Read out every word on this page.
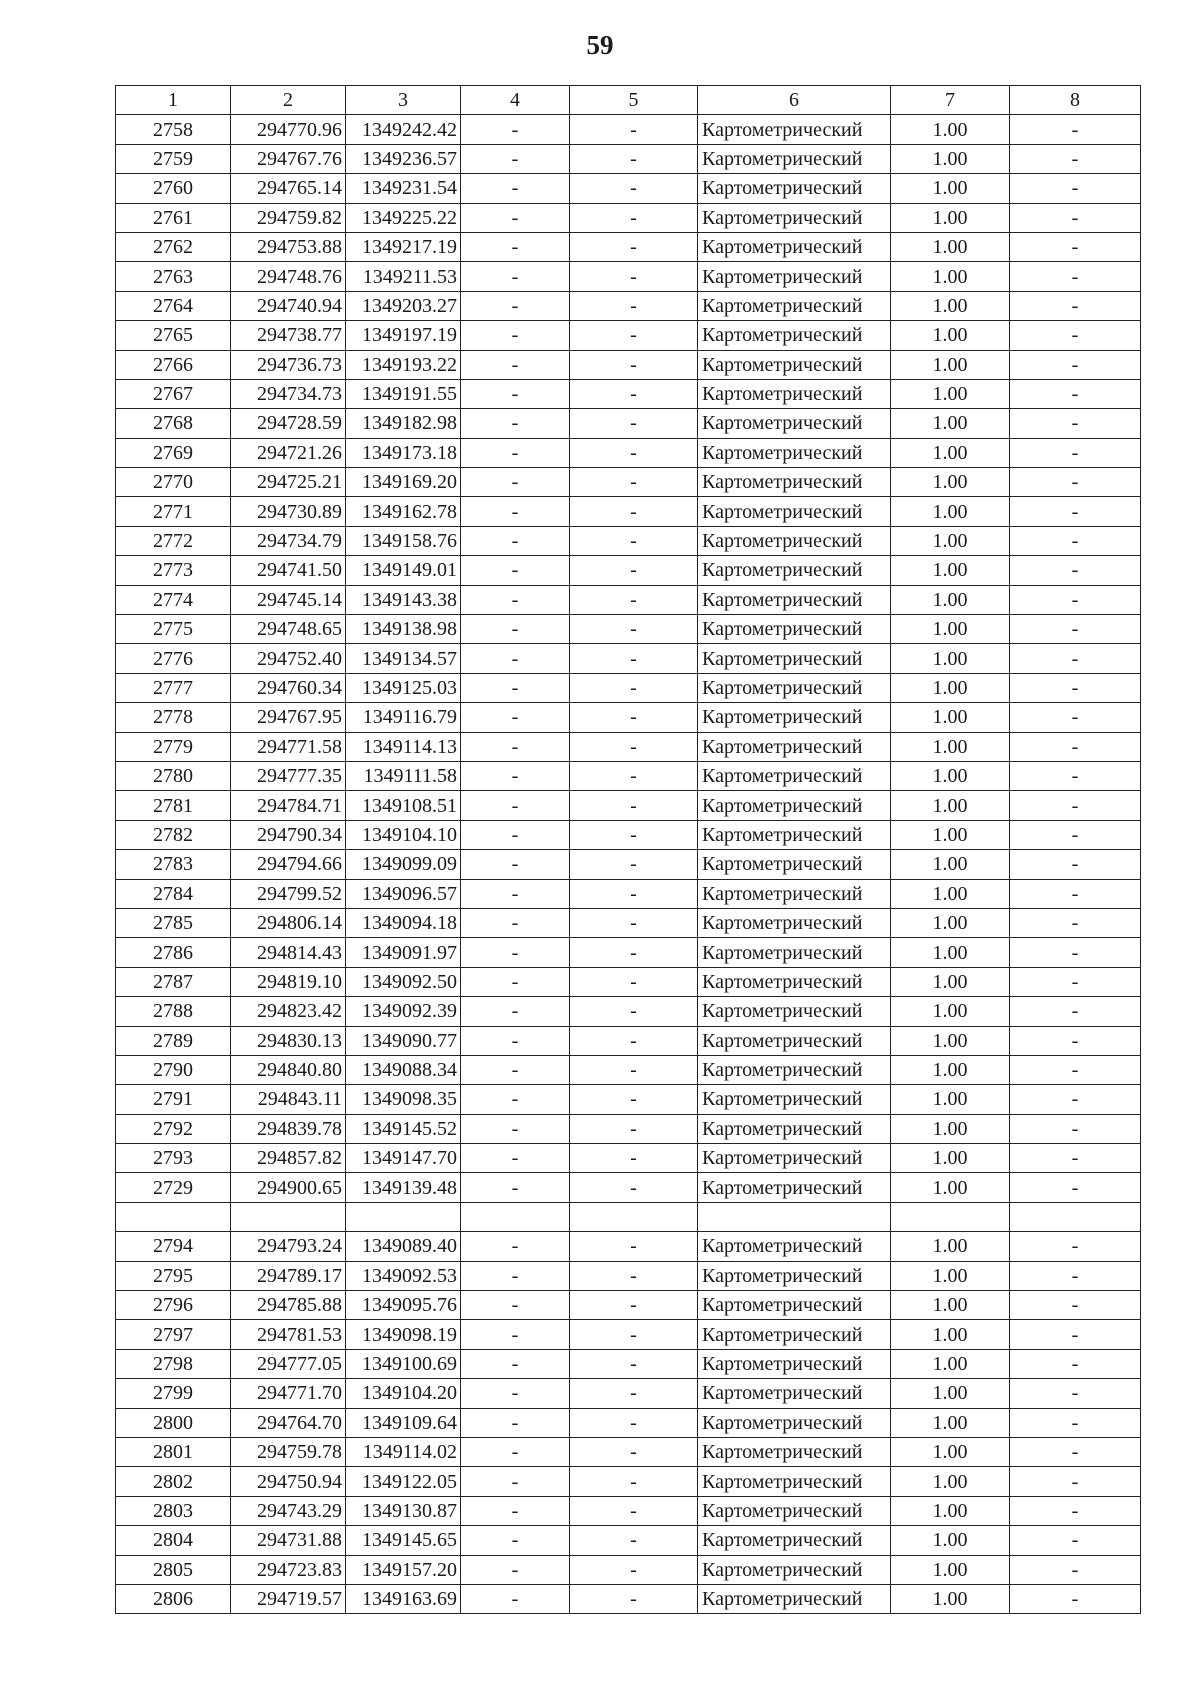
59
1	2	3	4	5	6	7	8
2758	294770.96	1349242.42	-	-	Картометрический	1.00	-
2759	294767.76	1349236.57	-	-	Картометрический	1.00	-
2760	294765.14	1349231.54	-	-	Картометрический	1.00	-
2761	294759.82	1349225.22	-	-	Картометрический	1.00	-
2762	294753.88	1349217.19	-	-	Картометрический	1.00	-
2763	294748.76	1349211.53	-	-	Картометрический	1.00	-
2764	294740.94	1349203.27	-	-	Картометрический	1.00	-
2765	294738.77	1349197.19	-	-	Картометрический	1.00	-
2766	294736.73	1349193.22	-	-	Картометрический	1.00	-
2767	294734.73	1349191.55	-	-	Картометрический	1.00	-
2768	294728.59	1349182.98	-	-	Картометрический	1.00	-
2769	294721.26	1349173.18	-	-	Картометрический	1.00	-
2770	294725.21	1349169.20	-	-	Картометрический	1.00	-
2771	294730.89	1349162.78	-	-	Картометрический	1.00	-
2772	294734.79	1349158.76	-	-	Картометрический	1.00	-
2773	294741.50	1349149.01	-	-	Картометрический	1.00	-
2774	294745.14	1349143.38	-	-	Картометрический	1.00	-
2775	294748.65	1349138.98	-	-	Картометрический	1.00	-
2776	294752.40	1349134.57	-	-	Картометрический	1.00	-
2777	294760.34	1349125.03	-	-	Картометрический	1.00	-
2778	294767.95	1349116.79	-	-	Картометрический	1.00	-
2779	294771.58	1349114.13	-	-	Картометрический	1.00	-
2780	294777.35	1349111.58	-	-	Картометрический	1.00	-
2781	294784.71	1349108.51	-	-	Картометрический	1.00	-
2782	294790.34	1349104.10	-	-	Картометрический	1.00	-
2783	294794.66	1349099.09	-	-	Картометрический	1.00	-
2784	294799.52	1349096.57	-	-	Картометрический	1.00	-
2785	294806.14	1349094.18	-	-	Картометрический	1.00	-
2786	294814.43	1349091.97	-	-	Картометрический	1.00	-
2787	294819.10	1349092.50	-	-	Картометрический	1.00	-
2788	294823.42	1349092.39	-	-	Картометрический	1.00	-
2789	294830.13	1349090.77	-	-	Картометрический	1.00	-
2790	294840.80	1349088.34	-	-	Картометрический	1.00	-
2791	294843.11	1349098.35	-	-	Картометрический	1.00	-
2792	294839.78	1349145.52	-	-	Картометрический	1.00	-
2793	294857.82	1349147.70	-	-	Картометрический	1.00	-
2729	294900.65	1349139.48	-	-	Картометрический	1.00	-

2794	294793.24	1349089.40	-	-	Картометрический	1.00	-
2795	294789.17	1349092.53	-	-	Картометрический	1.00	-
2796	294785.88	1349095.76	-	-	Картометрический	1.00	-
2797	294781.53	1349098.19	-	-	Картометрический	1.00	-
2798	294777.05	1349100.69	-	-	Картометрический	1.00	-
2799	294771.70	1349104.20	-	-	Картометрический	1.00	-
2800	294764.70	1349109.64	-	-	Картометрический	1.00	-
2801	294759.78	1349114.02	-	-	Картометрический	1.00	-
2802	294750.94	1349122.05	-	-	Картометрический	1.00	-
2803	294743.29	1349130.87	-	-	Картометрический	1.00	-
2804	294731.88	1349145.65	-	-	Картометрический	1.00	-
2805	294723.83	1349157.20	-	-	Картометрический	1.00	-
2806	294719.57	1349163.69	-	-	Картометрический	1.00	-
